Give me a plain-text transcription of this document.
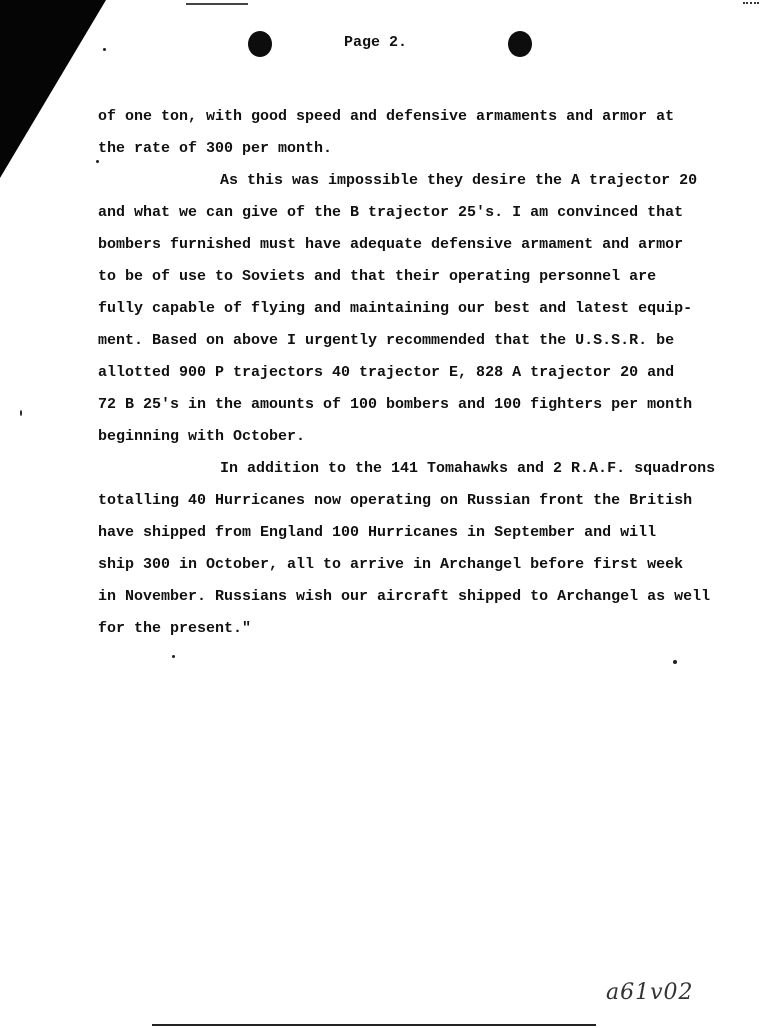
Page 2.
of one ton, with good speed and defensive armaments and armor at
the rate of 300 per month.
As this was impossible they desire the A trajector 20
and what we can give of the B trajector 25's. I am convinced that
bombers furnished must have adequate defensive armament and armor
to be of use to Soviets and that their operating personnel are
fully capable of flying and maintaining our best and latest equip-
ment. Based on above I urgently recommended that the U.S.S.R. be
allotted 900 P trajectors 40 trajector E, 828 A trajector 20 and
72 B 25's in the amounts of 100 bombers and 100 fighters per month
beginning with October.
In addition to the 141 Tomahawks and 2 R.A.F. squadrons
totalling 40 Hurricanes now operating on Russian front the British
have shipped from England 100 Hurricanes in September and will
ship 300 in October, all to arrive in Archangel before first week
in November. Russians wish our aircraft shipped to Archangel as well
for the present."
a61v02
